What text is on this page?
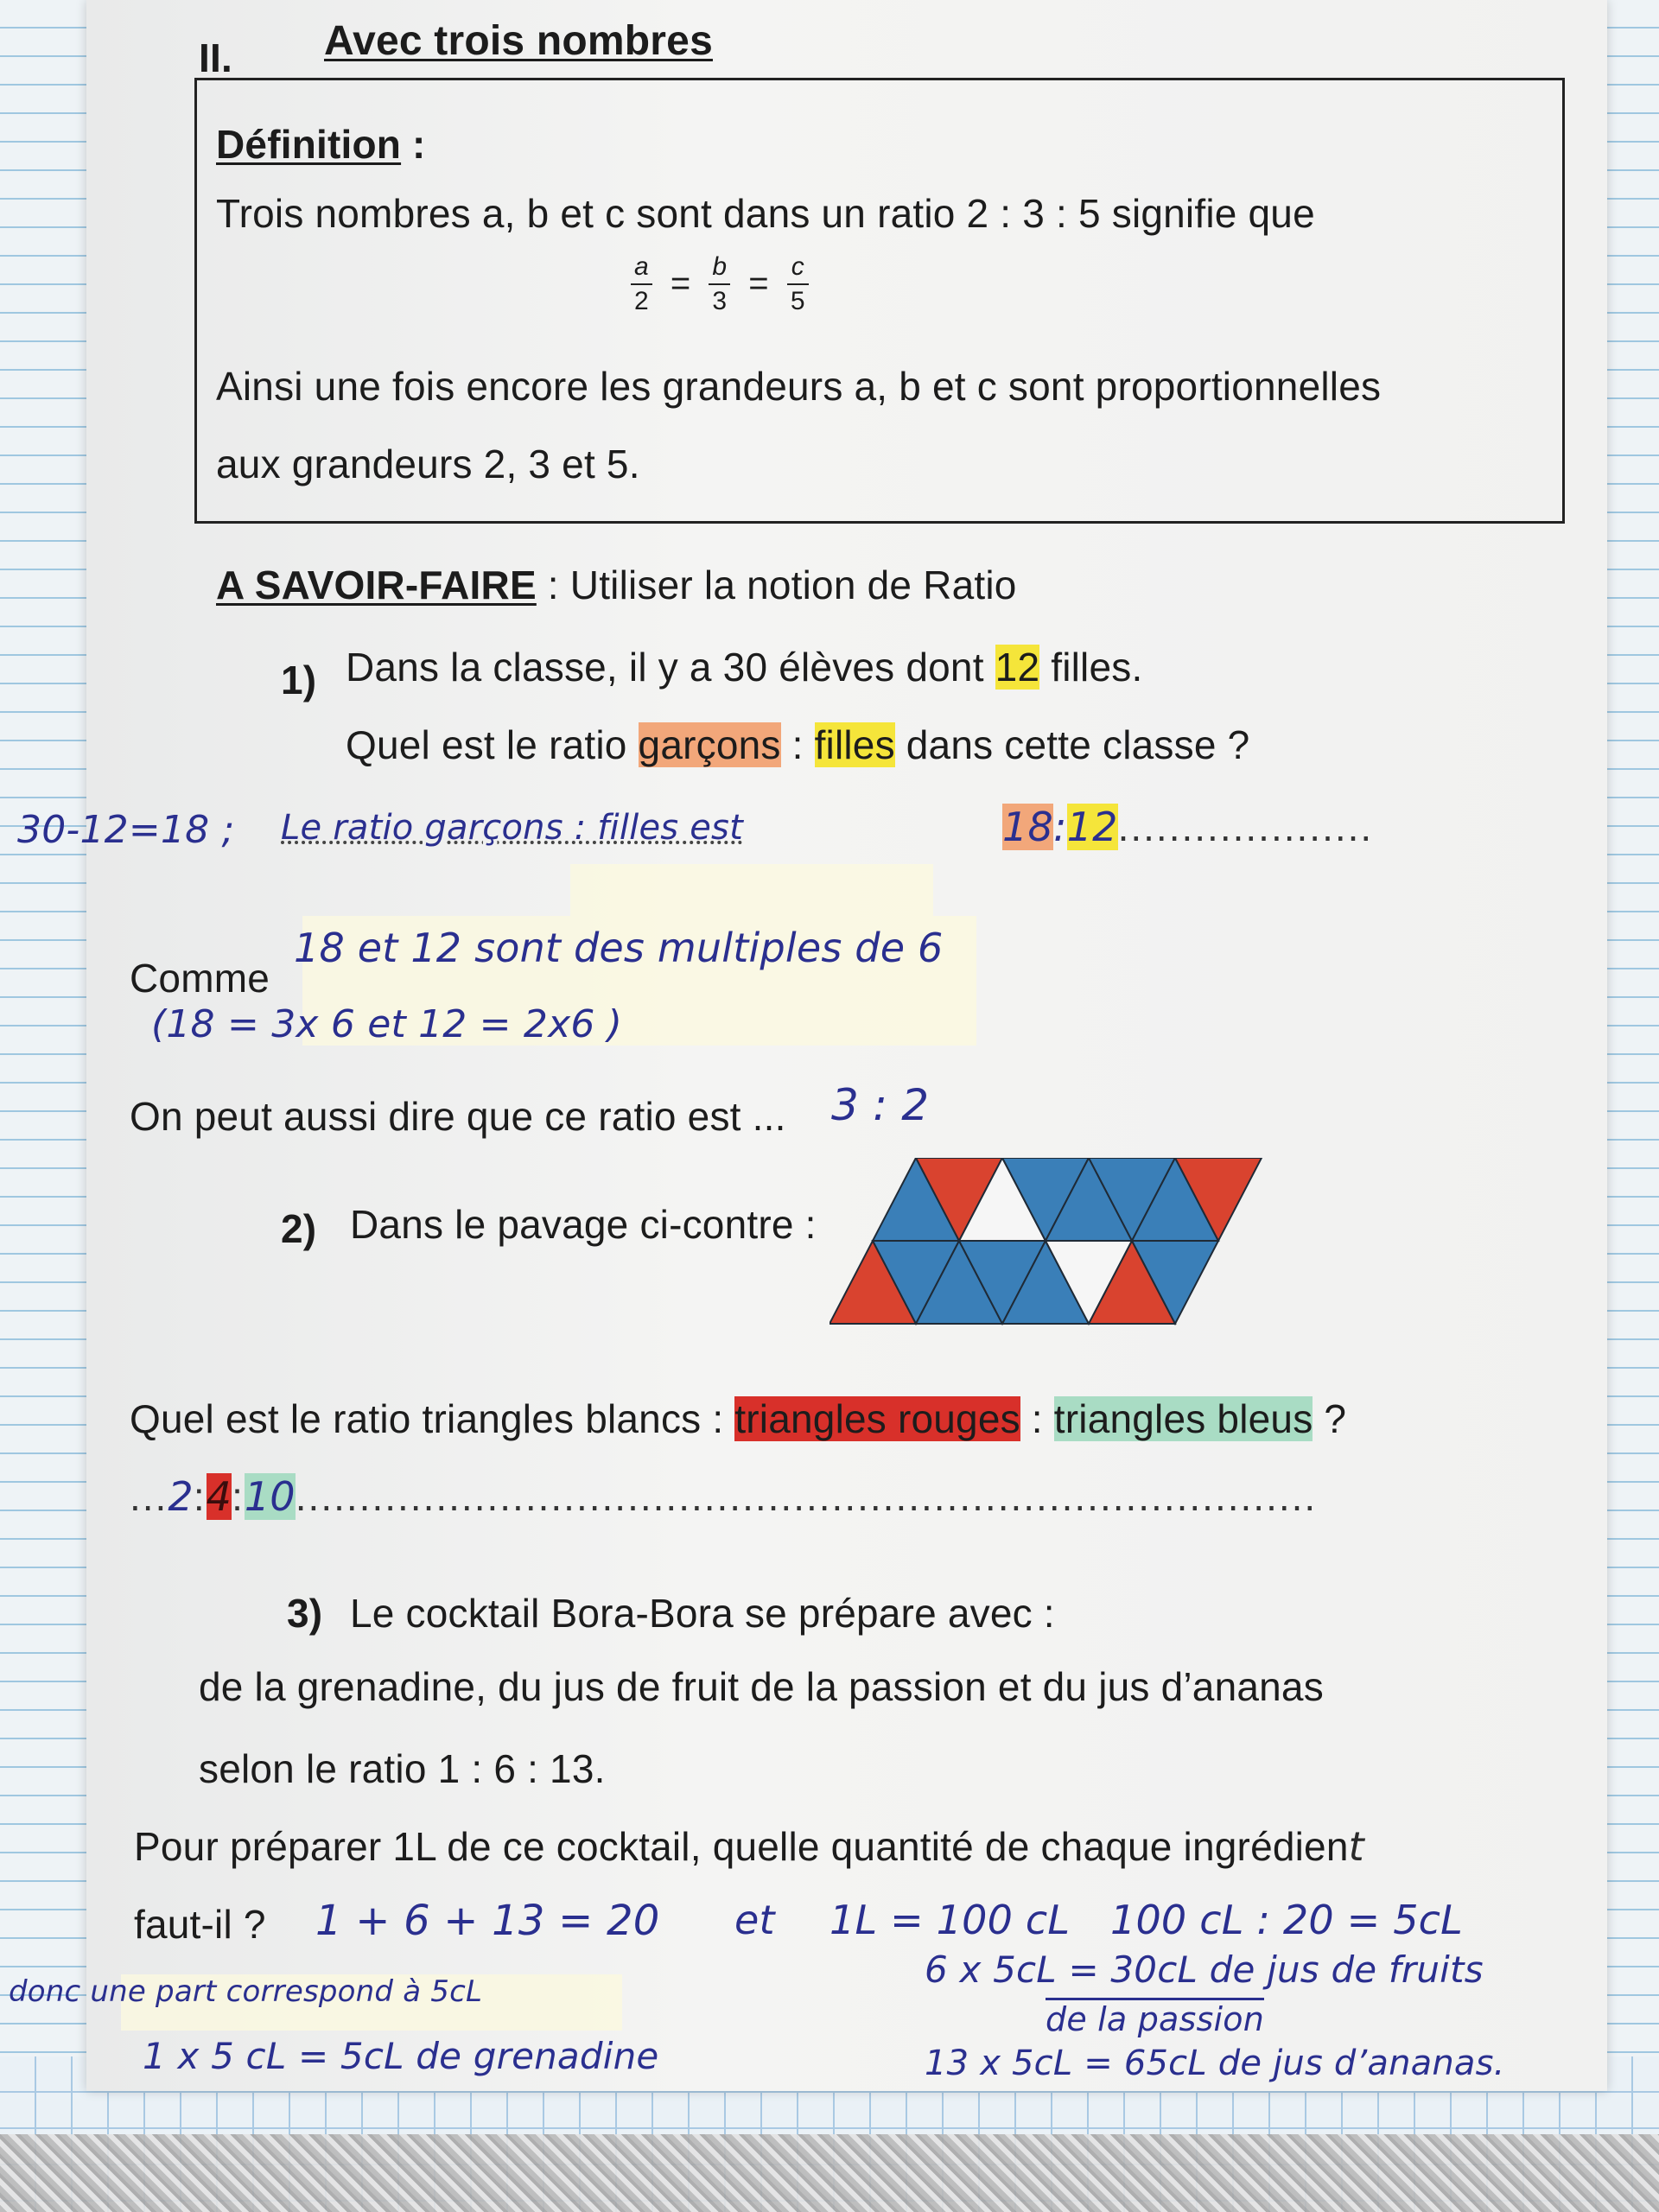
II. Avec trois nombres
Définition :
Trois nombres a, b et c sont dans un ratio 2 : 3 : 5 signifie que
$\frac{a}{2} = \frac{b}{3} = \frac{c}{5}$
Ainsi une fois encore les grandeurs a, b et c sont proportionnelles
aux grandeurs 2, 3 et 5.
A SAVOIR-FAIRE : Utiliser la notion de Ratio
1) Dans la classe, il y a 30 élèves dont 12 filles.
Quel est le ratio garçons : filles dans cette classe ?
30-12=18 ; Le ratio garçons : filles est	18:12....................
Comme
18 et 12 sont des multiples de 6
(18 = 3x 6 et 12 = 2x6 )
On peut aussi dire que ce ratio est ... 3 : 2
2) Dans le pavage ci-contre :
Quel est le ratio triangles blancs : triangles rouges : triangles bleus ?
...2:4:10................................................................................
3) Le cocktail Bora-Bora se prépare avec :
de la grenadine, du jus de fruit de la passion et du jus d’ananas
selon le ratio 1 : 6 : 13.
Pour préparer 1L de ce cocktail, quelle quantité de chaque ingrédient
faut-il ? 1 + 6 + 13 = 20 et 1L = 100 cL 100 cL : 20 = 5cL
donc une part correspond à 5cL
1 x 5 cL = 5cL de grenadine
6 x 5cL = 30cL de jus de fruits
de la passion
13 x 5cL = 65cL de jus d’ananas.
